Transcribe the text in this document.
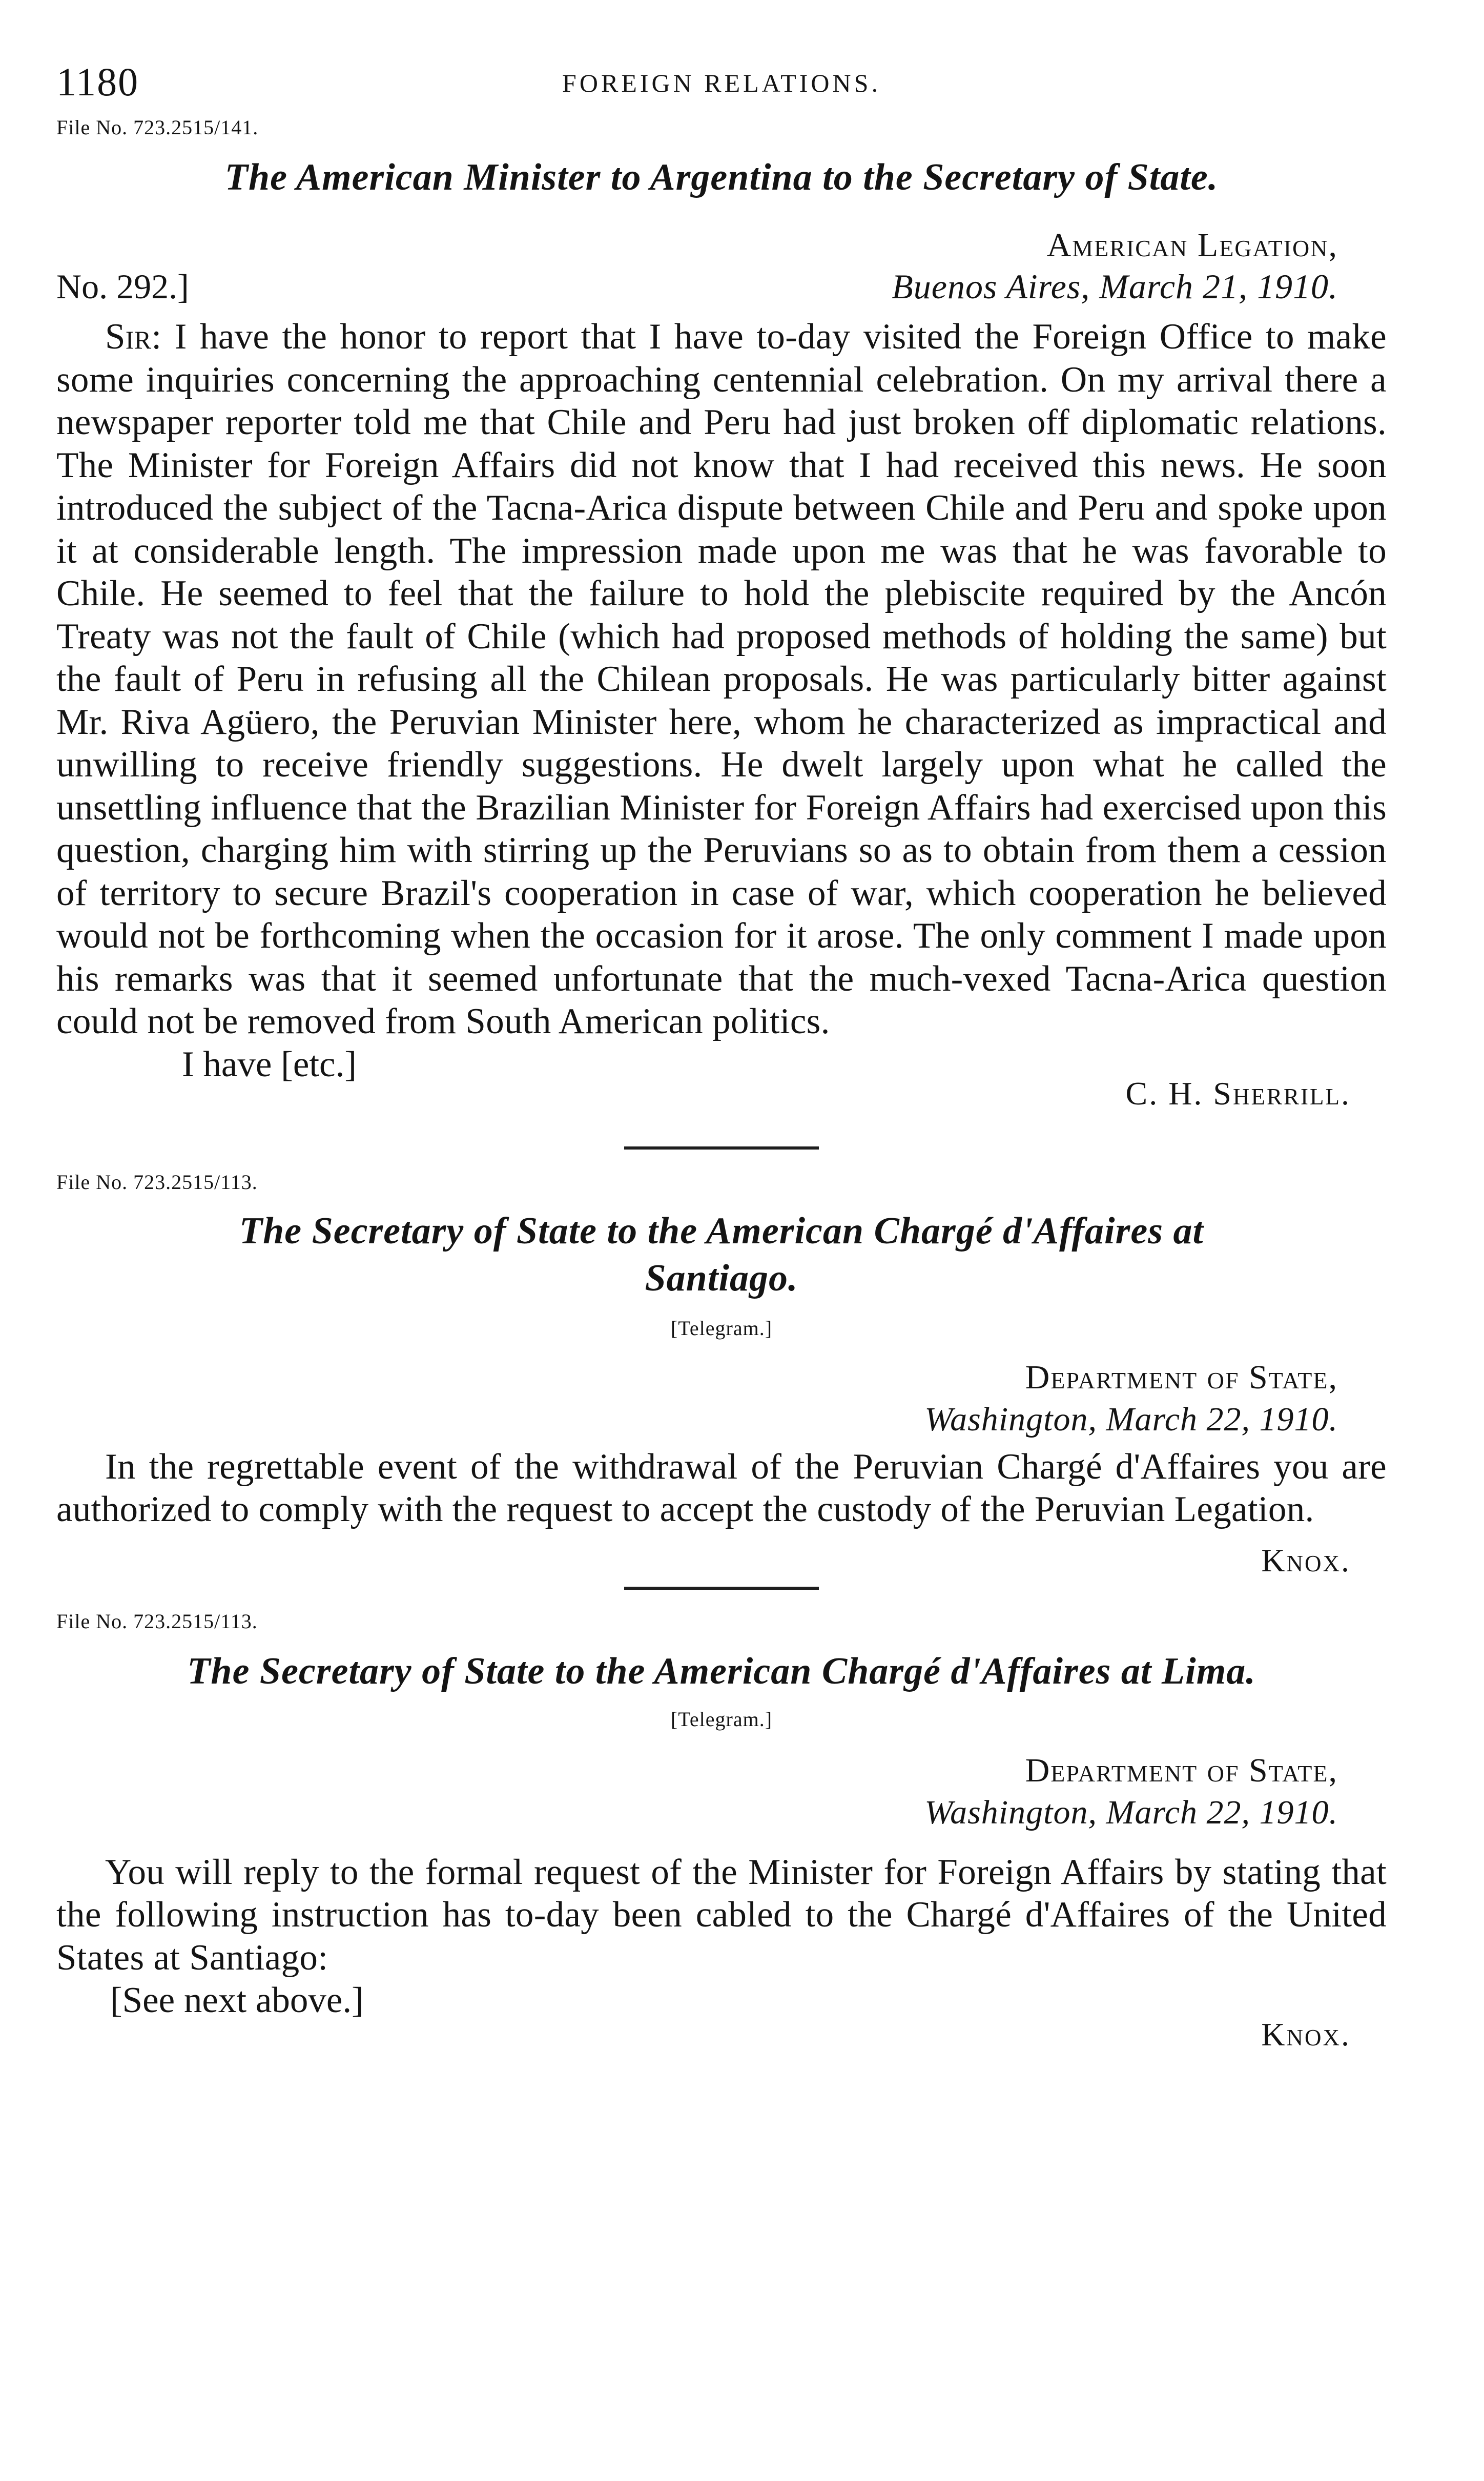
1180	FOREIGN RELATIONS.

File No. 723.2515/141.

The American Minister to Argentina to the Secretary of State.

American Legation,

No. 292.]	Buenos Aires, March 21, 1910.

Sir: I have the honor to report that I have to-day visited the Foreign Office to make some inquiries concerning the approaching centennial celebration. On my arrival there a newspaper reporter told me that Chile and Peru had just broken off diplomatic relations. The Minister for Foreign Affairs did not know that I had received this news. He soon introduced the subject of the Tacna-Arica dispute between Chile and Peru and spoke upon it at considerable length. The impression made upon me was that he was favorable to Chile. He seemed to feel that the failure to hold the plebiscite required by the Ancón Treaty was not the fault of Chile (which had proposed methods of holding the same) but the fault of Peru in refusing all the Chilean proposals. He was particularly bitter against Mr. Riva Agüero, the Peruvian Minister here, whom he characterized as impractical and unwilling to receive friendly suggestions. He dwelt largely upon what he called the unsettling influence that the Brazilian Minister for Foreign Affairs had exercised upon this question, charging him with stirring up the Peruvians so as to obtain from them a cession of territory to secure Brazil's cooperation in case of war, which cooperation he believed would not be forthcoming when the occasion for it arose. The only comment I made upon his remarks was that it seemed unfortunate that the much-vexed Tacna-Arica question could not be removed from South American politics.

I have [etc.]

C. H. Sherrill.

File No. 723.2515/113.

The Secretary of State to the American Chargé d'Affaires at
Santiago.

[Telegram.]

Department of State,

Washington, March 22, 1910.

In the regrettable event of the withdrawal of the Peruvian Chargé d'Affaires you are authorized to comply with the request to accept the custody of the Peruvian Legation.

Knox.

File No. 723.2515/113.

The Secretary of State to the American Chargé d'Affaires at Lima.

[Telegram.]

Department of State,

Washington, March 22, 1910.

You will reply to the formal request of the Minister for Foreign Affairs by stating that the following instruction has to-day been cabled to the Chargé d'Affaires of the United States at Santiago:

[See next above.]

Knox.
